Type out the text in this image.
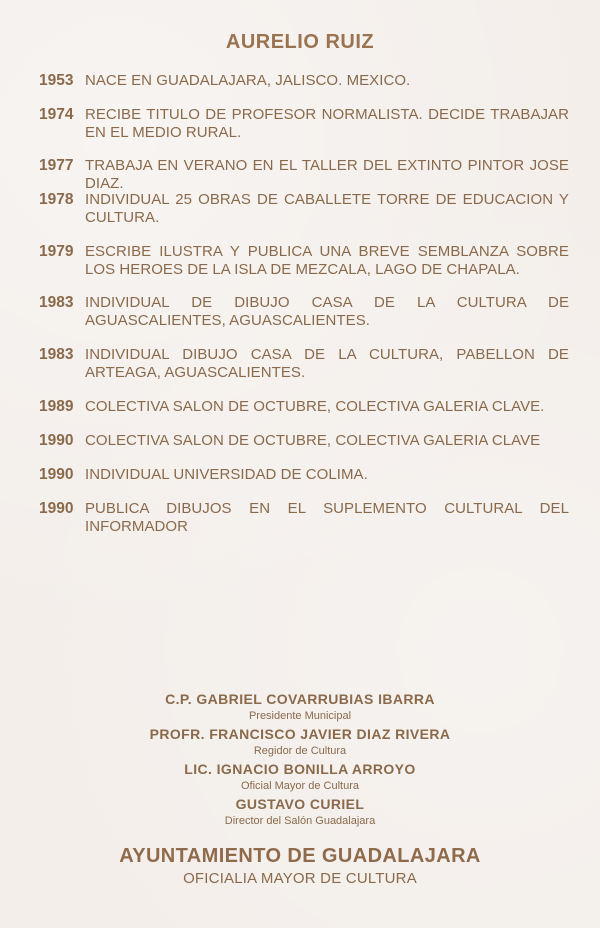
AURELIO RUIZ
1953 NACE EN GUADALAJARA, JALISCO. MEXICO.
1974 RECIBE TITULO DE PROFESOR NORMALISTA. DECIDE TRABAJAR EN EL MEDIO RURAL.
1977 TRABAJA EN VERANO EN EL TALLER DEL EXTINTO PINTOR JOSE DIAZ.
1978 INDIVIDUAL 25 OBRAS DE CABALLETE TORRE DE EDUCACION Y CULTURA.
1979 ESCRIBE ILUSTRA Y PUBLICA UNA BREVE SEMBLANZA SOBRE LOS HEROES DE LA ISLA DE MEZCALA, LAGO DE CHAPALA.
1983 INDIVIDUAL DE DIBUJO CASA DE LA CULTURA DE AGUASCALIENTES, AGUASCALIENTES.
1983 INDIVIDUAL DIBUJO CASA DE LA CULTURA, PABELLON DE ARTEAGA, AGUASCALIENTES.
1989 COLECTIVA SALON DE OCTUBRE, COLECTIVA GALERIA CLAVE.
1990 COLECTIVA SALON DE OCTUBRE, COLECTIVA GALERIA CLAVE
1990 INDIVIDUAL UNIVERSIDAD DE COLIMA.
1990 PUBLICA DIBUJOS EN EL SUPLEMENTO CULTURAL DEL INFORMADOR
C.P. GABRIEL COVARRUBIAS IBARRA
Presidente Municipal
PROFR. FRANCISCO JAVIER DIAZ RIVERA
Regidor de Cultura
LIC. IGNACIO BONILLA ARROYO
Oficial Mayor de Cultura
GUSTAVO CURIEL
Director del Salón Guadalajara
AYUNTAMIENTO DE GUADALAJARA
OFICIALIA MAYOR DE CULTURA
